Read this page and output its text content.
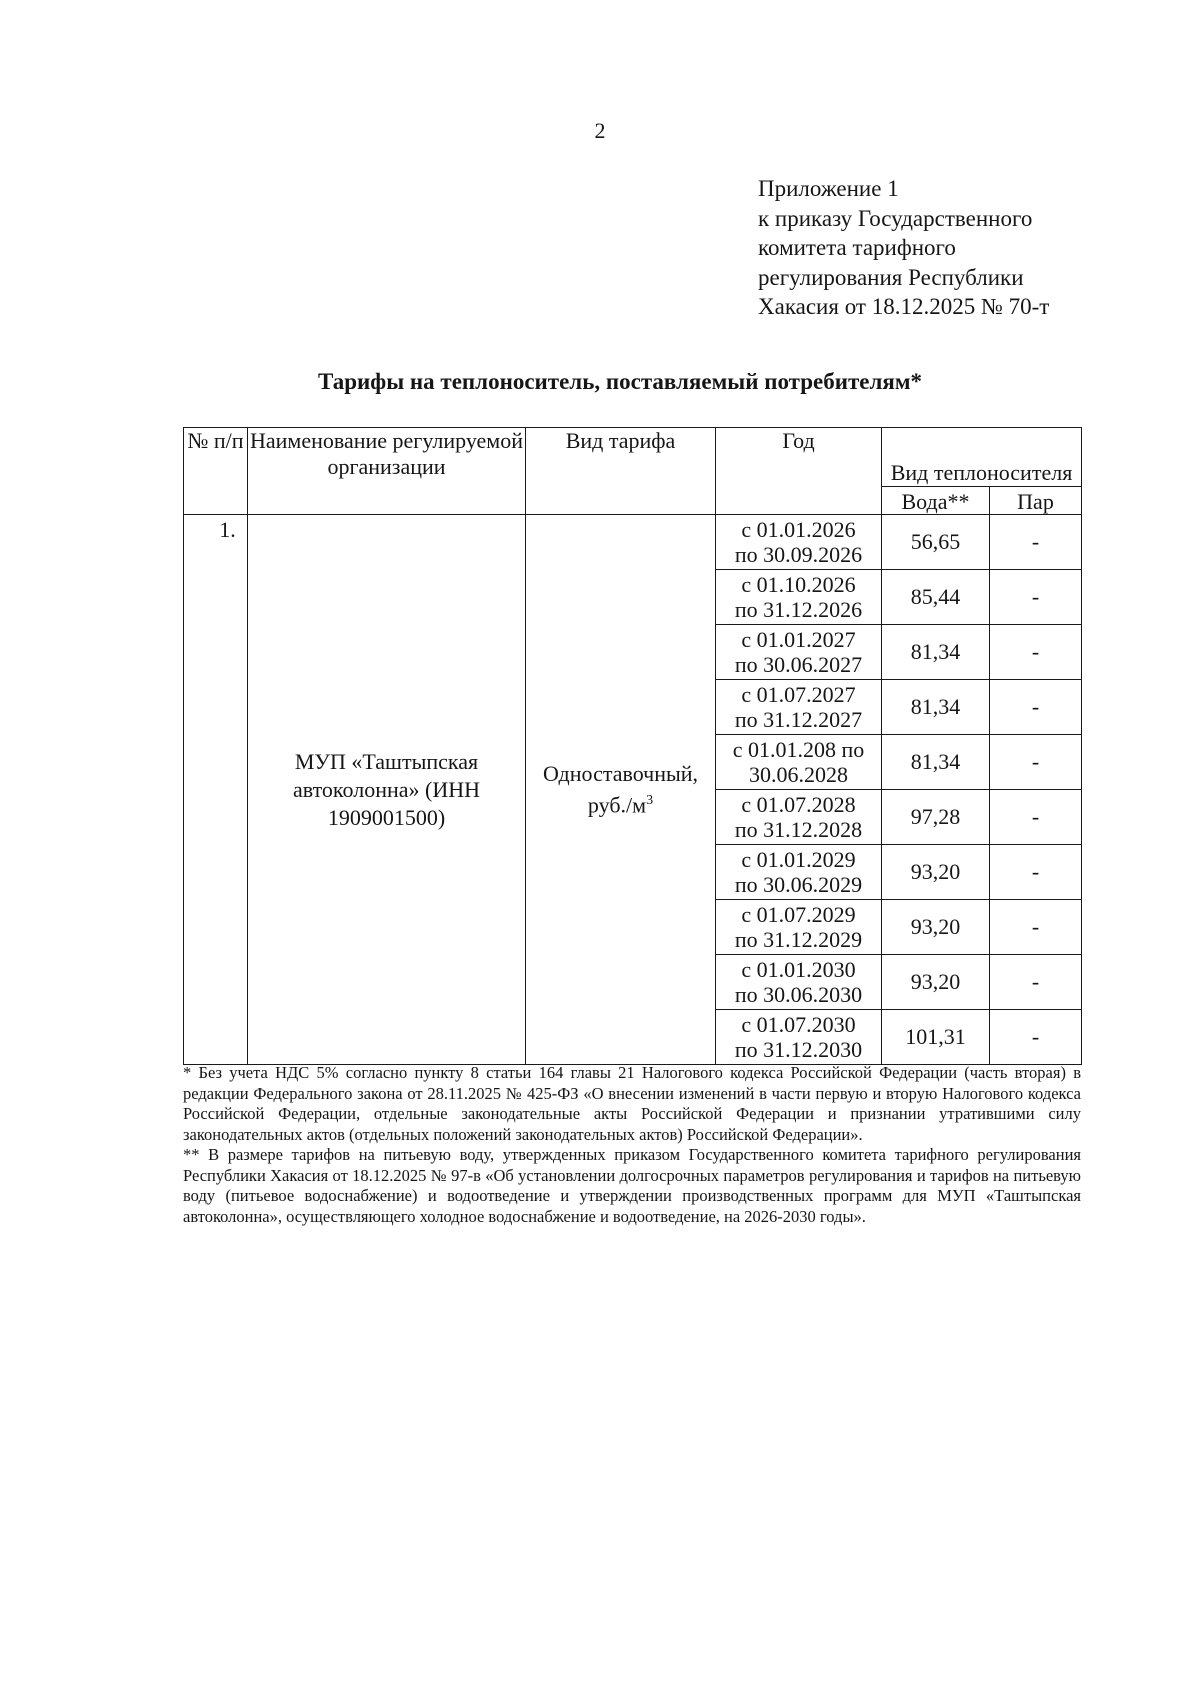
2
Приложение 1
к приказу Государственного
комитета тарифного
регулирования Республики
Хакасия от 18.12.2025 № 70-т
Тарифы на теплоноситель, поставляемый потребителям*
№ п/п	Наименование регулируемой организации	Вид тарифа	Год	Вид теплоносителя	
				Вода**	Пар
1.	МУП «Таштыпская автоколонна» (ИНН 1909001500)	Одноставочный, $руб./м^3$	с 01.01.2026
по 30.09.2026	56,65	-

			с 01.10.2026
по 31.12.2026	85,44	-

			с 01.01.2027
по 30.06.2027	81,34	-

			с 01.07.2027
по 31.12.2027	81,34	-

			с 01.01.208 по
30.06.2028	81,34	-

			с 01.07.2028
по 31.12.2028	97,28	-

			с 01.01.2029
по 30.06.2029	93,20	-

			с 01.07.2029
по 31.12.2029	93,20	-

			с 01.01.2030
по 30.06.2030	93,20	-

			с 01.07.2030
по 31.12.2030	101,31	-

* Без учета НДС 5% согласно пункту 8 статьи 164 главы 21 Налогового кодекса Российской Федерации (часть вторая) в редакции Федерального закона от 28.11.2025 № 425-ФЗ «О внесении изменений в части первую и вторую Налогового кодекса Российской Федерации, отдельные законодательные акты Российской Федерации и признании утратившими силу законодательных актов (отдельных положений законодательных актов) Российской Федерации».

** В размере тарифов на питьевую воду, утвержденных приказом Государственного комитета тарифного регулирования Республики Хакасия от 18.12.2025 № 97-в «Об установлении долгосрочных параметров регулирования и тарифов на питьевую воду (питьевое водоснабжение) и водоотведение и утверждении производственных программ для МУП «Таштыпская автоколонна», осуществляющего холодное водоснабжение и водоотведение, на 2026-2030 годы».
